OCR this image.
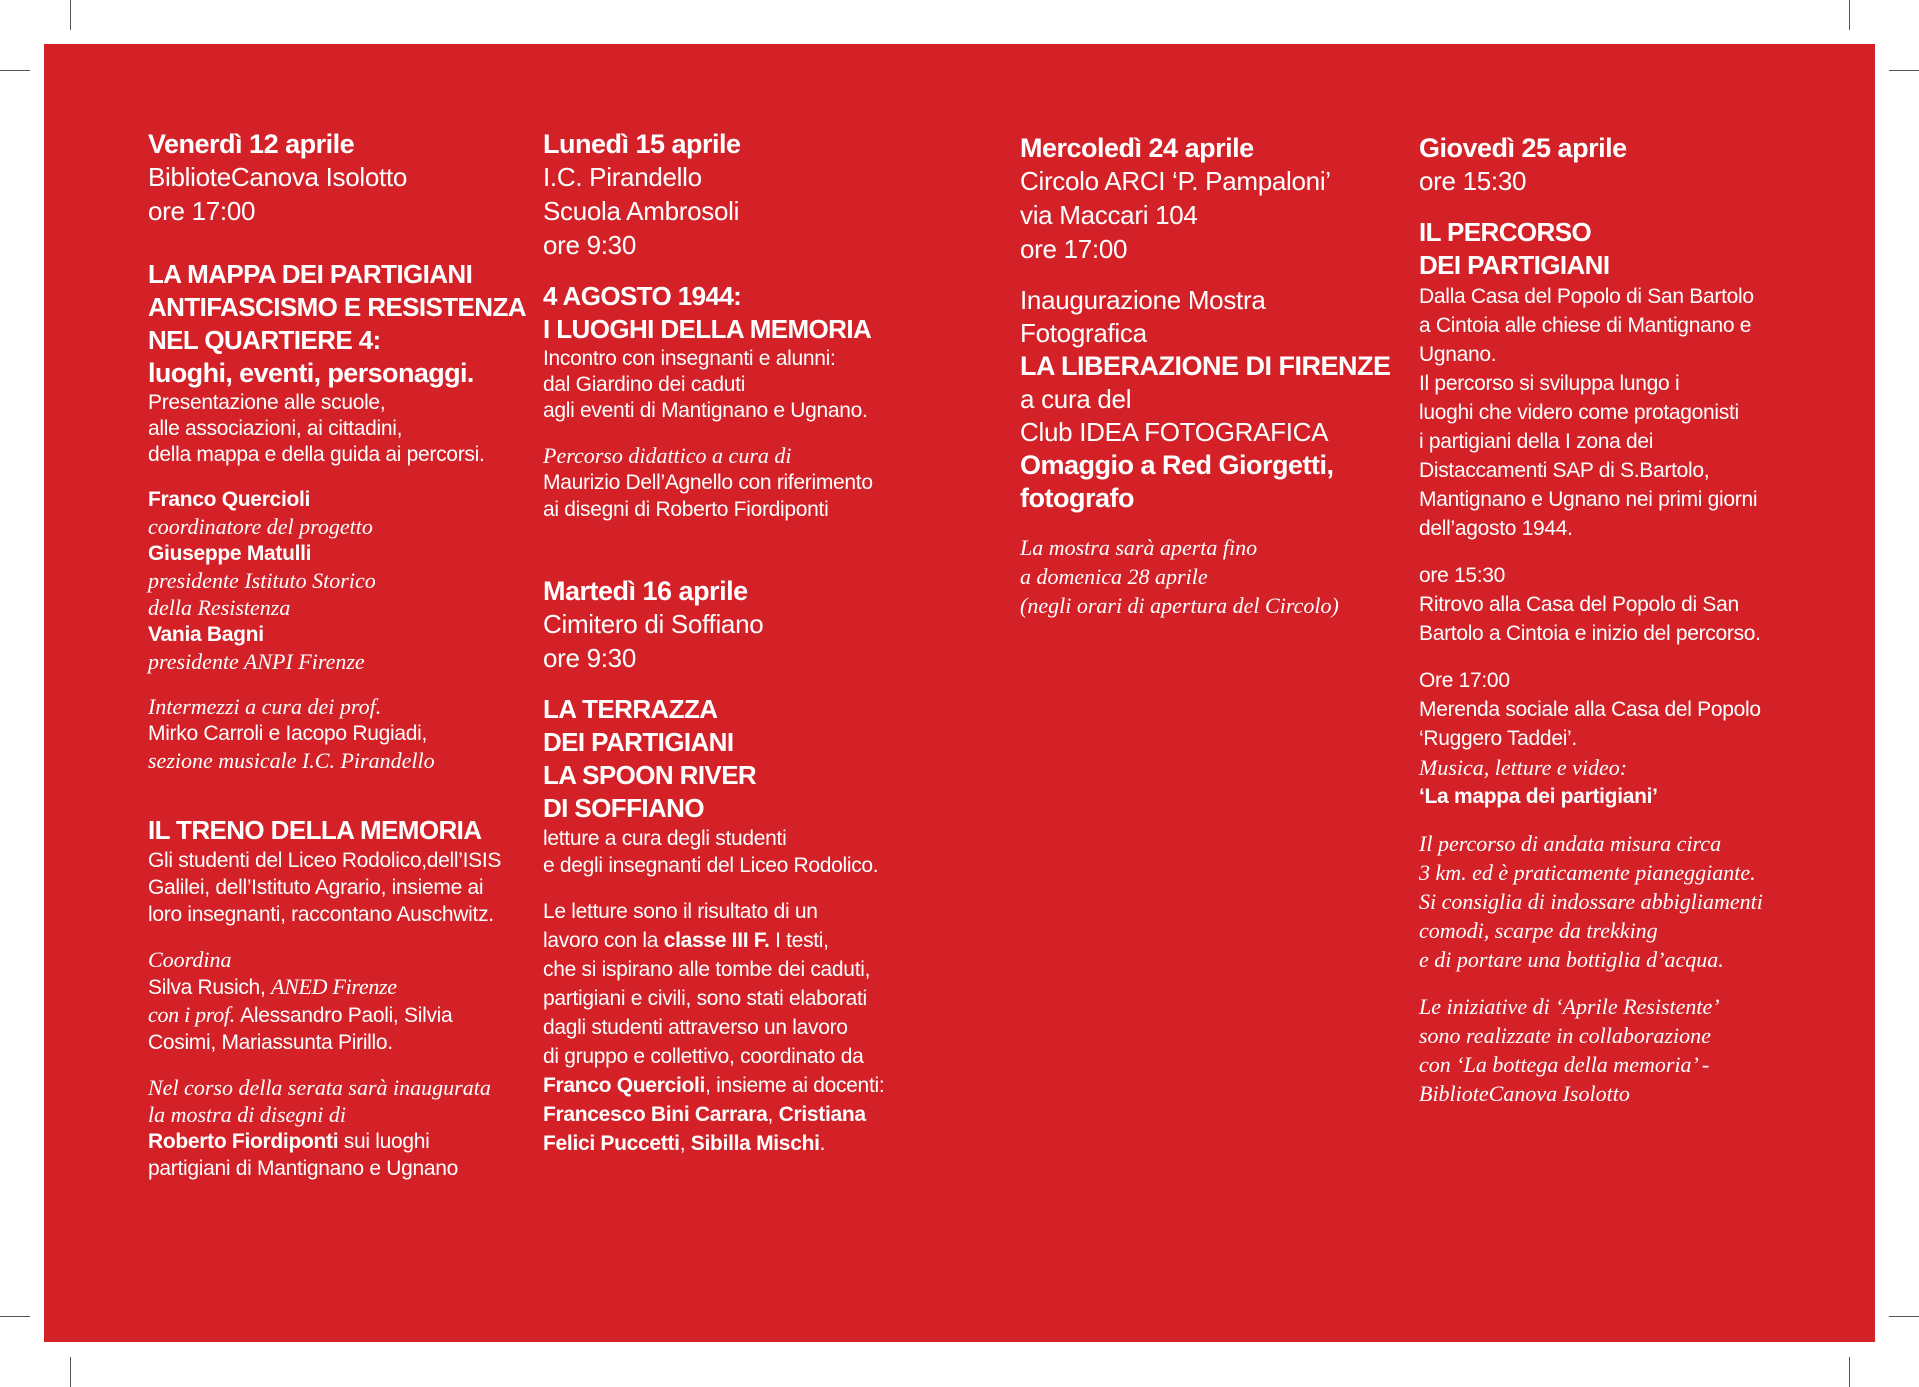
Venerdì 12 aprile
BiblioteCanova Isolotto
ore 17:00
LA MAPPA DEI PARTIGIANI
ANTIFASCISMO E RESISTENZA
NEL QUARTIERE 4:
luoghi, eventi, personaggi.
Presentazione alle scuole,
alle associazioni, ai cittadini,
della mappa e della guida ai percorsi.
Franco Quercioli
coordinatore del progetto
Giuseppe Matulli
presidente Istituto Storico
della Resistenza
Vania Bagni
presidente ANPI Firenze
Intermezzi a cura dei prof.
Mirko Carroli e Iacopo Rugiadi,
sezione musicale I.C. Pirandello
IL TRENO DELLA MEMORIA
Gli studenti del Liceo Rodolico,dell’ISIS
Galilei, dell’Istituto Agrario, insieme ai
loro insegnanti, raccontano Auschwitz.
Coordina
Silva Rusich, ANED Firenze
con i prof. Alessandro Paoli, Silvia
Cosimi, Mariassunta Pirillo.
Nel corso della serata sarà inaugurata
la mostra di disegni di
Roberto Fiordiponti sui luoghi
partigiani di Mantignano e Ugnano
Lunedì 15 aprile
I.C. Pirandello
Scuola Ambrosoli
ore 9:30
4 AGOSTO 1944:
I LUOGHI DELLA MEMORIA
Incontro con insegnanti e alunni:
dal Giardino dei caduti
agli eventi di Mantignano e Ugnano.
Percorso didattico a cura di
Maurizio Dell’Agnello con riferimento
ai disegni di Roberto Fiordiponti
Martedì 16 aprile
Cimitero di Soffiano
ore 9:30
LA TERRAZZA
DEI PARTIGIANI
LA SPOON RIVER
DI SOFFIANO
letture a cura degli studenti
e degli insegnanti del Liceo Rodolico.
Le letture sono il risultato di un
lavoro con la classe III F. I testi,
che si ispirano alle tombe dei caduti,
partigiani e civili, sono stati elaborati
dagli studenti attraverso un lavoro
di gruppo e collettivo, coordinato da
Franco Quercioli, insieme ai docenti:
Francesco Bini Carrara, Cristiana
Felici Puccetti, Sibilla Mischi.
Mercoledì 24 aprile
Circolo ARCI ‘P. Pampaloni’
via Maccari 104
ore 17:00
Inaugurazione Mostra
Fotografica
LA LIBERAZIONE DI FIRENZE
a cura del
Club IDEA FOTOGRAFICA
Omaggio a Red Giorgetti,
fotografo
La mostra sarà aperta fino
a domenica 28 aprile
(negli orari di apertura del Circolo)
Giovedì 25 aprile
ore 15:30
IL PERCORSO
DEI PARTIGIANI
Dalla Casa del Popolo di San Bartolo
a Cintoia alle chiese di Mantignano e
Ugnano.
Il percorso si sviluppa lungo i
luoghi che videro come protagonisti
i partigiani della I zona dei
Distaccamenti SAP di S.Bartolo,
Mantignano e Ugnano nei primi giorni
dell’agosto 1944.
ore 15:30
Ritrovo alla Casa del Popolo di San
Bartolo a Cintoia e inizio del percorso.
Ore 17:00
Merenda sociale alla Casa del Popolo
‘Ruggero Taddei’.
Musica, letture e video:
‘La mappa dei partigiani’
Il percorso di andata misura circa
3 km. ed è praticamente pianeggiante.
Si consiglia di indossare abbigliamenti
comodi, scarpe da trekking
e di portare una bottiglia d’acqua.
Le iniziative di ‘Aprile Resistente’
sono realizzate in collaborazione
con ‘La bottega della memoria’ -
BiblioteCanova Isolotto
